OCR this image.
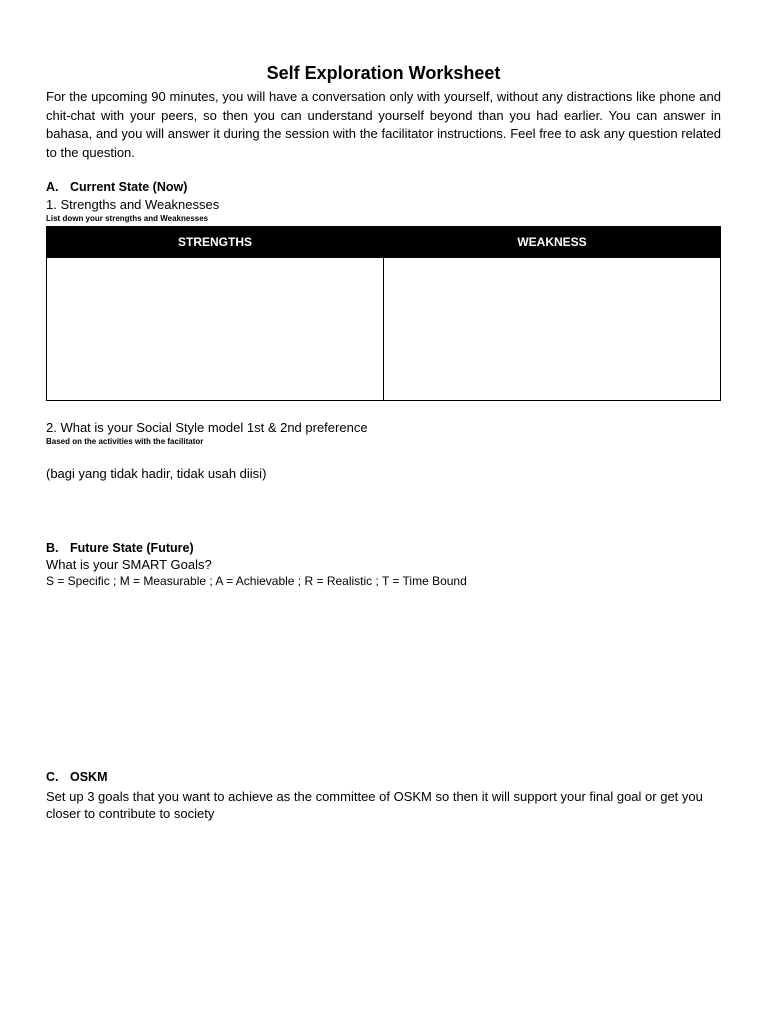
Self Exploration Worksheet

For the upcoming 90 minutes, you will have a conversation only with yourself, without any distractions like phone and chit-chat with your peers, so then you can understand yourself beyond than you had earlier. You can answer in bahasa, and you will answer it during the session with the facilitator instructions. Feel free to ask any question related to the question.

A. Current State (Now)
1. Strengths and Weaknesses
List down your strengths and Weaknesses
STRENGTHS	WEAKNESS

2. What is your Social Style model 1st & 2nd preference
Based on the activities with the facilitator
(bagi yang tidak hadir, tidak usah diisi)
B. Future State (Future)
What is your SMART Goals?
S = Specific ; M = Measurable ; A = Achievable ; R = Realistic ; T = Time Bound
C. OSKM

Set up 3 goals that you want to achieve as the committee of OSKM so then it will support your final goal or get you closer to contribute to society
